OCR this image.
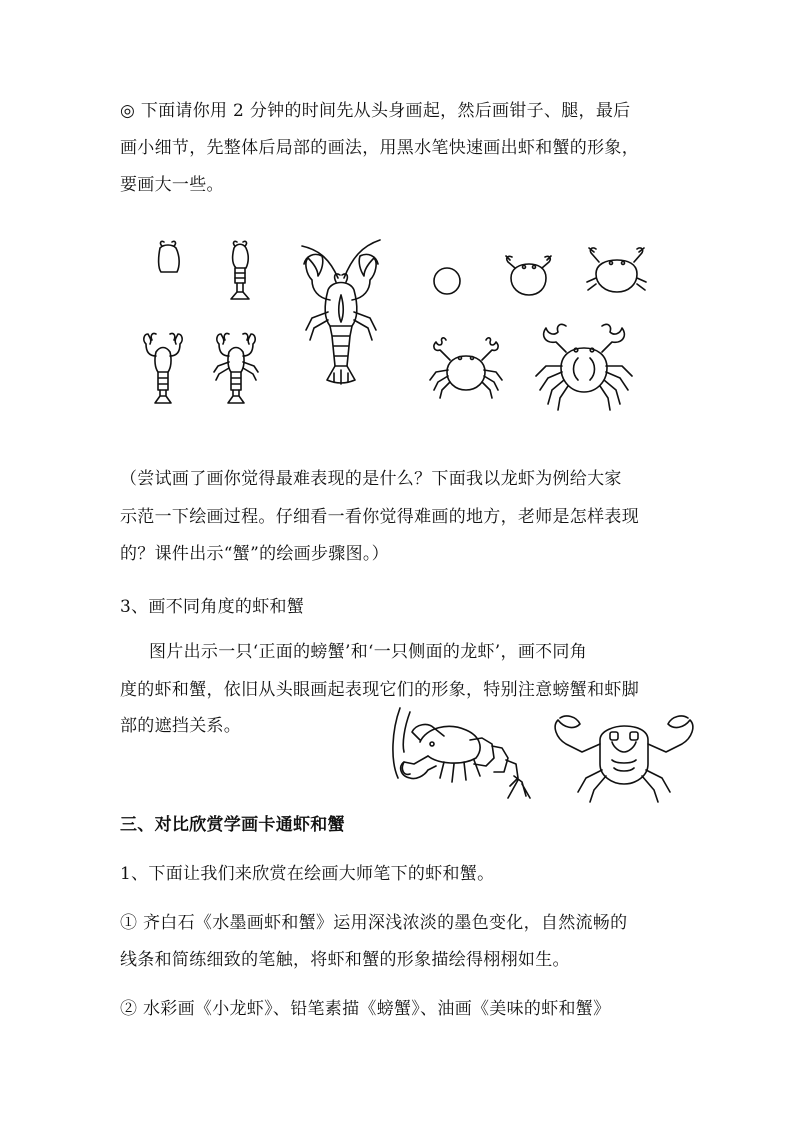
◎ 下面请你用 2 分钟的时间先从头身画起，然后画钳子、腿，最后
画小细节，先整体后局部的画法，用黑水笔快速画出虾和蟹的形象，
要画大一些。
（尝试画了画你觉得最难表现的是什么？下面我以龙虾为例给大家
示范一下绘画过程。仔细看一看你觉得难画的地方，老师是怎样表现
的？课件出示“蟹”的绘画步骤图。）
3、画不同角度的虾和蟹
图片出示一只‘正面的螃蟹’和‘一只侧面的龙虾’，画不同角
度的虾和蟹，依旧从头眼画起表现它们的形象，特别注意螃蟹和虾脚
部的遮挡关系。
三、对比欣赏学画卡通虾和蟹
1、下面让我们来欣赏在绘画大师笔下的虾和蟹。
① 齐白石《水墨画虾和蟹》运用深浅浓淡的墨色变化，自然流畅的
线条和简练细致的笔触，将虾和蟹的形象描绘得栩栩如生。
② 水彩画《小龙虾》、铅笔素描《螃蟹》、油画《美味的虾和蟹》
